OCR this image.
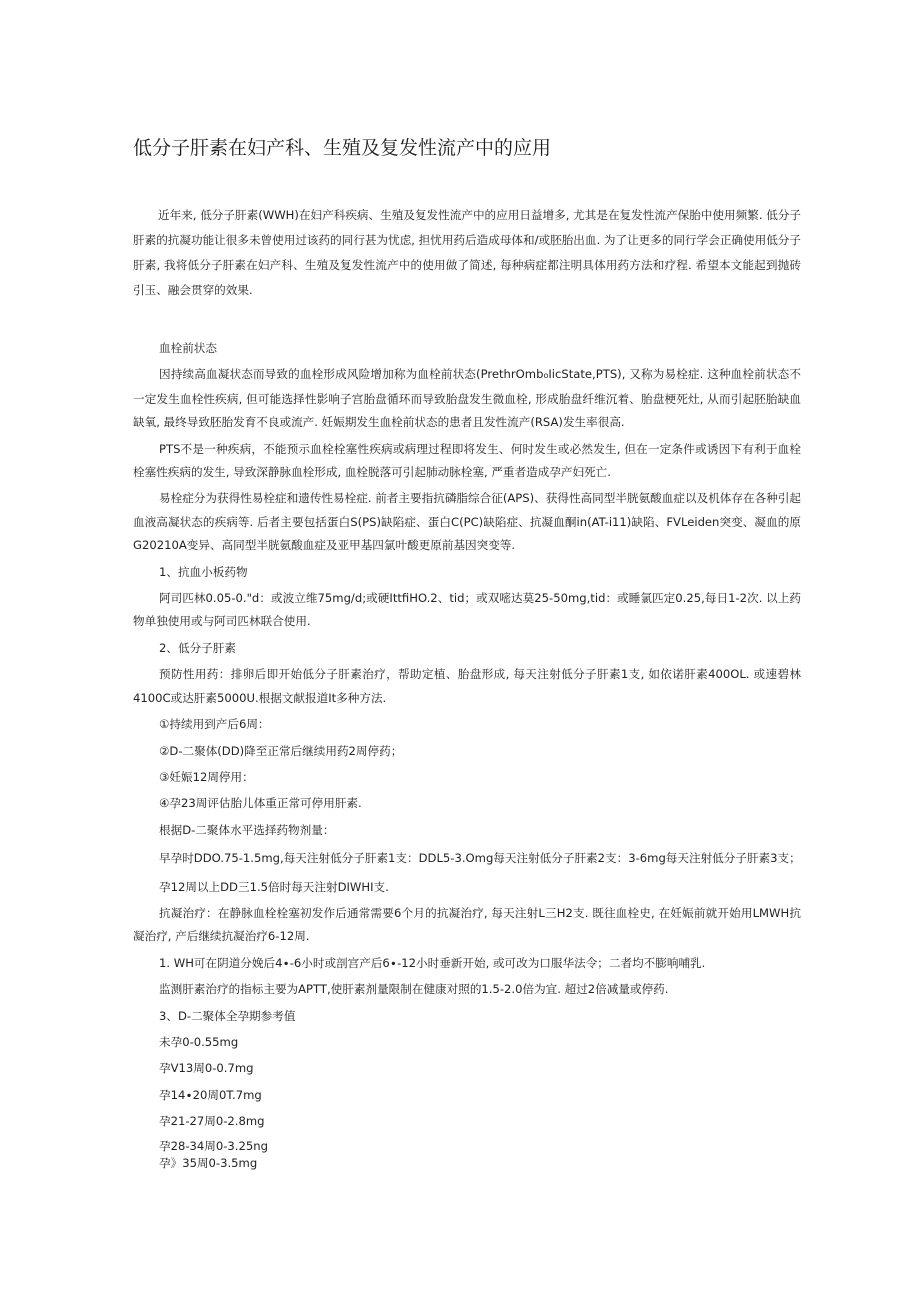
低分子肝素在妇产科、生殖及复发性流产中的应用

近年来, 低分子肝素(WWH)在妇产科疾病、生殖及复发性流产中的应用日益增多, 尤其是在复发性流产保胎中使用频繁. 低分子肝素的抗凝功能让很多未曾使用过该药的同行甚为忧虑, 担忧用药后造成母体和/或胚胎出血. 为了让更多的同行学会正确使用低分子肝素, 我将低分子肝素在妇产科、生殖及复发性流产中的使用做了简述, 每种病症都注明具体用药方法和疗程. 希望本文能起到抛砖引玉、融会贯穿的效果.

血栓前状态

因持续高血凝状态而导致的血栓形成风险增加称为血栓前状态(PrethrOmboIicState,PTS), 又称为易栓症. 这种血栓前状态不一定发生血栓性疾病, 但可能选择性影响子宫胎盘循环而导致胎盘发生微血栓, 形成胎盘纤维沉着、胎盘梗死灶, 从而引起胚胎缺血缺氧, 最终导致胚胎发育不良或流产. 妊娠期发生血栓前状态的患者且发性流产(RSA)发生率很高.

PTS不是一种疾病，不能预示血栓栓塞性疾病或病理过程即将发生、何时发生或必然发生, 但在一定条件或诱因下有利于血栓栓塞性疾病的发生, 导致深静脉血栓形成, 血栓脱落可引起肺动脉栓塞, 严重者造成孕产妇死亡.

易栓症分为获得性易栓症和遗传性易栓症. 前者主要指抗磷脂综合征(APS)、获得性高同型半胱氨酸血症以及机体存在各种引起血液高凝状态的疾病等. 后者主要包括蛋白S(PS)缺陷症、蛋白C(PC)缺陷症、抗凝血酮in(AT-i11)缺陷、FVLeiden突变、凝血的原G20210A变异、高同型半胱氨酸血症及亚甲基四氯叶酸更原前基因突变等.

1、抗血小板药物

阿司匹林0.05-0."d：或波立维75mg∕d;或硬IttfiHO.2、tid；或双嘧达莫25-50mg,tid：或睡氯匹定0.25,每日1-2次. 以上药物单独使用或与阿司匹林联合使用.

2、低分子肝素

预防性用药：排卵后即开始低分子肝素治疗，帮助定植、胎盘形成, 每天注射低分子肝素1支, 如依诺肝素400OL. 或速碧林4100C或达肝素5000U.根据文献报道It多种方法.

①持续用到产后6周：

②D-二聚体(DD)降至正常后继续用药2周停药；

③妊娠12周停用：

④孕23周评估胎儿体重正常可停用肝素.

根据D-二聚体水平选择药物剂量：

早孕时DDO.75-1.5mg,每天注射低分子肝素1支：DDL5-3.Omg每天注射低分子肝素2支：3-6mg每天注射低分子肝素3支；

孕12周以上DD三1.5倍时每天注射DIWHI支.

抗凝治疗：在静脉血栓栓塞初发作后通常需要6个月的抗凝治疗, 每天注射L三H2支. 既往血栓史, 在妊娠前就开始用LMWH抗凝治疗, 产后继续抗凝治疗6-12周.

1. WH可在阴道分娩后4∙-6小时或剖宫产后6∙-12小时垂新开始, 或可改为口服华法令；二者均不膨响哺乳.

监测肝素治疗的指标主要为APTT,使肝素剂量限制在健康对照的1.5-2.0倍为宜. 超过2倍减量或停药.

3、D-二聚体全孕期参考值

未孕0-0.55mg

孕V13周0-0.7mg

孕14∙20周0T.7mg

孕21-27周0-2.8mg

孕28-34周0-3.25ng

孕》35周0-3.5mg
